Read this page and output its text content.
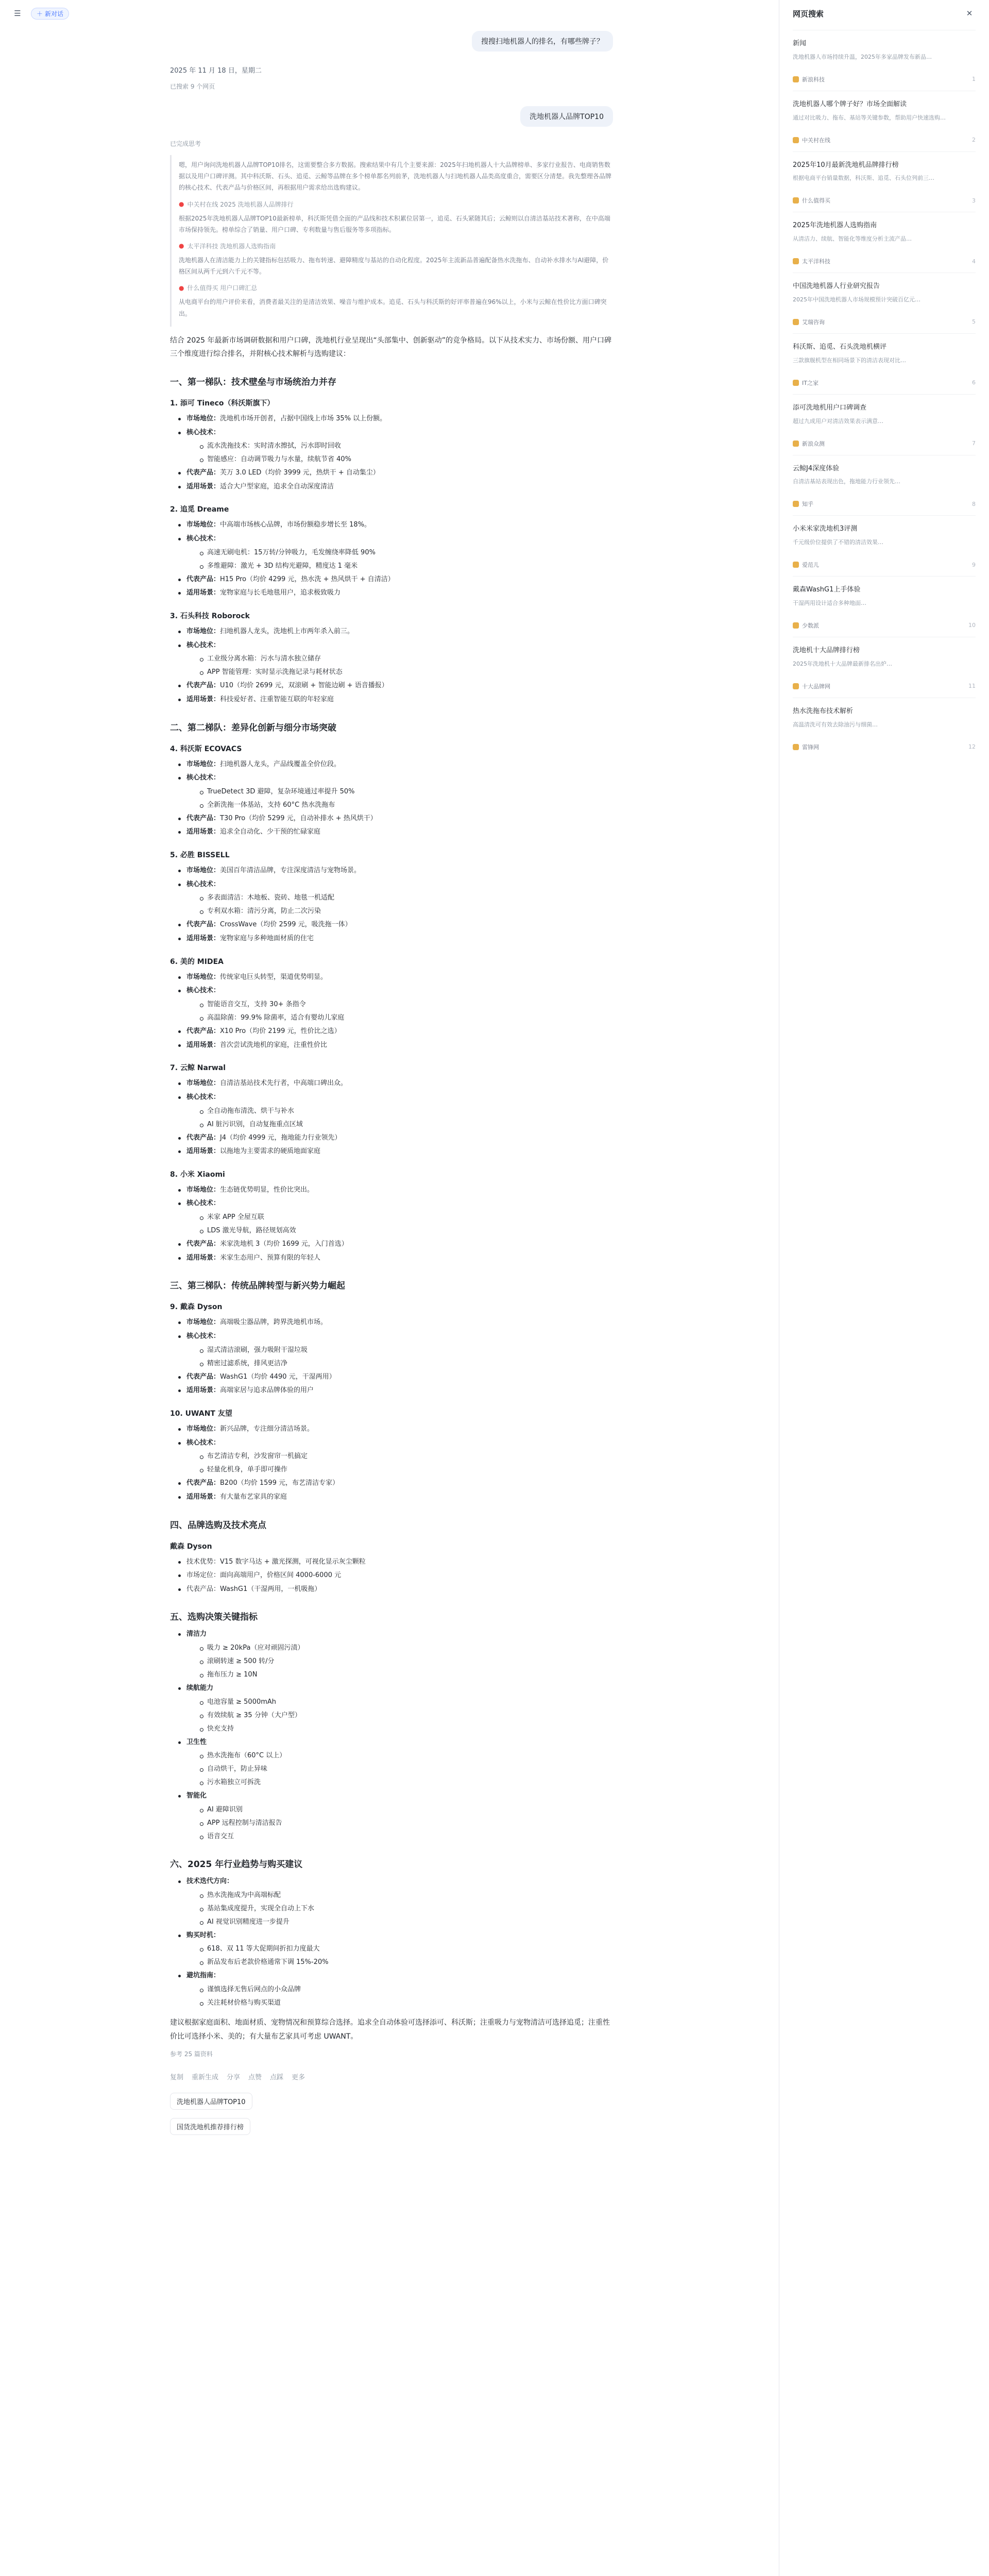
☰	＋ 新对话
搜搜扫地机器人的排名，有哪些牌子？
2025 年 11 月 18 日，星期二
已搜索 9 个网页
洗地机器人品牌TOP10
已完成思考
嗯，用户询问洗地机器人品牌TOP10排名，这需要整合多方数据。搜索结果中有几个主要来源：2025年扫地机器人十大品牌榜单、多家行业报告、电商销售数据以及用户口碑评测。其中科沃斯、石头、追觅、云鲸等品牌在多个榜单都名列前茅，洗地机器人与扫地机器人品类高度重合，需要区分清楚。我先整理各品牌的核心技术、代表产品与价格区间，再根据用户需求给出选购建议。
● 中关村在线 2025 洗地机器人品牌排行
根据2025年洗地机器人品牌TOP10最新榜单，科沃斯凭借全面的产品线和技术积累位居第一，追觅、石头紧随其后；云鲸则以自清洁基站技术著称，在中高端市场保持领先。榜单综合了销量、用户口碑、专利数量与售后服务等多项指标。
● 太平洋科技 洗地机器人选购指南
洗地机器人在清洁能力上的关键指标包括吸力、拖布转速、避障精度与基站的自动化程度。2025年主流新品普遍配备热水洗拖布、自动补水排水与AI避障，价格区间从两千元到六千元不等。
● 什么值得买 用户口碑汇总
从电商平台的用户评价来看，消费者最关注的是清洁效果、噪音与维护成本。追觅、石头与科沃斯的好评率普遍在96%以上，小米与云鲸在性价比方面口碑突出。
结合 2025 年最新市场调研数据和用户口碑，洗地机行业呈现出“头部集中、创新驱动”的竞争格局。以下从技术实力、市场份额、用户口碑三个维度进行综合排名，并附核心技术解析与选购建议：
一、第一梯队：技术壁垒与市场统治力并存
1. 添可 Tineco（科沃斯旗下）
市场地位：洗地机市场开创者，占据中国线上市场 35% 以上份额。
核心技术：
流水洗拖技术：实时清水擦拭，污水即时回收
智能感应：自动调节吸力与水量，续航节省 40%
代表产品：芙万 3.0 LED（均价 3999 元，热烘干 + 自动集尘）
适用场景：适合大户型家庭，追求全自动深度清洁
2. 追觅 Dreame
市场地位：中高端市场核心品牌，市场份额稳步增长至 18%。
核心技术：
高速无刷电机：15万转/分钟吸力，毛发缠绕率降低 90%
多维避障：激光 + 3D 结构光避障，精度达 1 毫米
代表产品：H15 Pro（均价 4299 元，热水洗 + 热风烘干 + 自清洁）
适用场景：宠物家庭与长毛地毯用户，追求极致吸力
3. 石头科技 Roborock
市场地位：扫地机器人龙头，洗地机上市两年杀入前三。
核心技术：
工业级分离水箱：污水与清水独立储存
APP 智能管理：实时显示洗拖记录与耗材状态
代表产品：U10（均价 2699 元，双滚刷 + 智能边刷 + 语音播报）
适用场景：科技爱好者、注重智能互联的年轻家庭
二、第二梯队：差异化创新与细分市场突破
4. 科沃斯 ECOVACS
市场地位：扫地机器人龙头，产品线覆盖全价位段。
核心技术：
TrueDetect 3D 避障，复杂环境通过率提升 50%
全新洗拖一体基站，支持 60°C 热水洗拖布
代表产品：T30 Pro（均价 5299 元，自动补排水 + 热风烘干）
适用场景：追求全自动化、少干预的忙碌家庭
5. 必胜 BISSELL
市场地位：美国百年清洁品牌，专注深度清洁与宠物场景。
核心技术：
多表面清洁：木地板、瓷砖、地毯一机适配
专利双水箱：清污分离，防止二次污染
代表产品：CrossWave（均价 2599 元，吸洗拖一体）
适用场景：宠物家庭与多种地面材质的住宅
6. 美的 MIDEA
市场地位：传统家电巨头转型，渠道优势明显。
核心技术：
智能语音交互，支持 30+ 条指令
高温除菌：99.9% 除菌率，适合有婴幼儿家庭
代表产品：X10 Pro（均价 2199 元，性价比之选）
适用场景：首次尝试洗地机的家庭，注重性价比
7. 云鲸 Narwal
市场地位：自清洁基站技术先行者，中高端口碑出众。
核心技术：
全自动拖布清洗、烘干与补水
AI 脏污识别，自动复拖重点区域
代表产品：J4（均价 4999 元，拖地能力行业领先）
适用场景：以拖地为主要需求的硬质地面家庭
8. 小米 Xiaomi
市场地位：生态链优势明显，性价比突出。
核心技术：
米家 APP 全屋互联
LDS 激光导航，路径规划高效
代表产品：米家洗地机 3（均价 1699 元，入门首选）
适用场景：米家生态用户、预算有限的年轻人
三、第三梯队：传统品牌转型与新兴势力崛起
9. 戴森 Dyson
市场地位：高端吸尘器品牌，跨界洗地机市场。
核心技术：
湿式清洁滚刷，强力吸附干湿垃圾
精密过滤系统，排风更洁净
代表产品：WashG1（均价 4490 元，干湿两用）
适用场景：高端家居与追求品牌体验的用户
10. UWANT 友望
市场地位：新兴品牌，专注细分清洁场景。
核心技术：
布艺清洁专利，沙发窗帘一机搞定
轻量化机身，单手即可操作
代表产品：B200（均价 1599 元，布艺清洁专家）
适用场景：有大量布艺家具的家庭
四、品牌选购及技术亮点
戴森 Dyson
技术优势：V15 数字马达 + 激光探测，可视化显示灰尘颗粒
市场定位：面向高端用户，价格区间 4000-6000 元
代表产品：WashG1（干湿两用，一机吸拖）
五、选购决策关键指标
清洁力
吸力 ≥ 20kPa（应对顽固污渍）
滚刷转速 ≥ 500 转/分
拖布压力 ≥ 10N
续航能力
电池容量 ≥ 5000mAh
有效续航 ≥ 35 分钟（大户型）
快充支持
卫生性
热水洗拖布（60°C 以上）
自动烘干，防止异味
污水箱独立可拆洗
智能化
AI 避障识别
APP 远程控制与清洁报告
语音交互
六、2025 年行业趋势与购买建议
技术迭代方向：
热水洗拖成为中高端标配
基站集成度提升，实现全自动上下水
AI 视觉识别精度进一步提升
购买时机：
618、双 11 等大促期间折扣力度最大
新品发布后老款价格通常下调 15%-20%
避坑指南：
谨慎选择无售后网点的小众品牌
关注耗材价格与购买渠道
建议根据家庭面积、地面材质、宠物情况和预算综合选择。追求全自动体验可选择添可、科沃斯；注重吸力与宠物清洁可选择追觅；注重性价比可选择小米、美的；有大量布艺家具可考虑 UWANT。
参考 25 篇资料
复制 重新生成 分享 点赞 点踩 更多
洗地机器人品牌TOP10
国货洗地机推荐排行榜
网页搜索	✕
新闻
洗地机器人市场持续升温，2025年多家品牌发布新品…
新浪科技	1
洗地机器人哪个牌子好？市场全面解读
通过对比吸力、拖布、基站等关键参数，帮助用户快速选购…
中关村在线	2
2025年10月最新洗地机品牌排行榜
根据电商平台销量数据，科沃斯、追觅、石头位列前三…
什么值得买	3
2025年洗地机器人选购指南
从清洁力、续航、智能化等维度分析主流产品…
太平洋科技	4
中国洗地机器人行业研究报告
2025年中国洗地机器人市场规模预计突破百亿元…
艾瑞咨询	5
科沃斯、追觅、石头洗地机横评
三款旗舰机型在相同场景下的清洁表现对比…
IT之家	6
添可洗地机用户口碑调查
超过九成用户对清洁效果表示满意…
新浪众测	7
云鲸J4深度体验
自清洁基站表现出色，拖地能力行业领先…
知乎	8
小米米家洗地机3评测
千元级价位提供了不错的清洁效果…
爱范儿	9
戴森WashG1上手体验
干湿两用设计适合多种地面…
少数派	10
洗地机十大品牌排行榜
2025年洗地机十大品牌最新排名出炉…
十大品牌网	11
热水洗拖布技术解析
高温清洗可有效去除油污与细菌…
雷锋网	12
